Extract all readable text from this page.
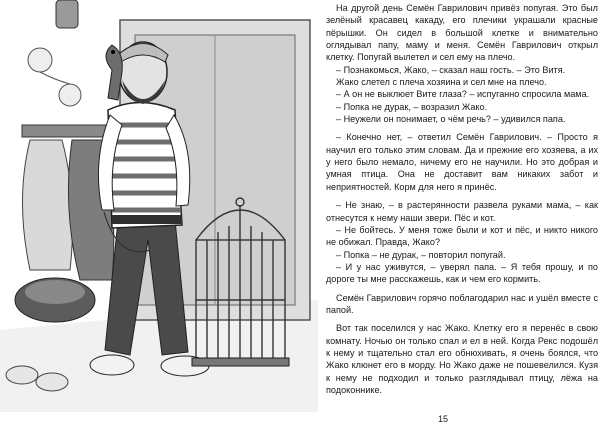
На другой день Семён Гаврилович привёз попугая. Это был зелёный красавец какаду, его плечики украшали красные пёрышки. Он сидел в большой клетке и внимательно оглядывал папу, маму и меня. Семён Гаврилович открыл клетку. Попугай вылетел и сел ему на плечо.

– Познакомься, Жако, – сказал наш гость. – Это Витя.

Жако слетел с плеча хозяина и сел мне на плечо.

– А он не выклюет Вите глаза? – испуганно спросила мама.

– Попка не дурак, – возразил Жако.

– Неужели он понимает, о чём речь? – удивился папа.

– Конечно нет, – ответил Семён Гаврилович. – Просто я научил его только этим словам. Да и прежние его хозяева, а их у него было немало, ничему его не научили. Но это добрая и умная птица. Она не доставит вам никаких забот и неприятностей. Корм для него я принёс.

– Не знаю, – в растерянности развела руками мама, – как отнесутся к нему наши звери. Пёс и кот.

– Не бойтесь. У меня тоже были и кот и пёс, и никто никого не обижал. Правда, Жако?

– Попка – не дурак, – повторил попугай.

– И у нас уживутся, – уверял папа. – Я тебя прошу, и по дороге ты мне расскажешь, как и чем его кормить.

Семён Гаврилович горячо поблагодарил нас и ушёл вместе с папой.

Вот так поселился у нас Жако. Клетку его я перенёс в свою комнату. Ночью он только спал и ел в ней. Когда Рекс подошёл к нему и тщательно стал его обнюхивать, я очень боялся, что Жако клюнет его в морду. Но Жако даже не пошевелился. Кузя к нему не подходил и только разглядывал птицу, лёжа на подоконнике.

15
